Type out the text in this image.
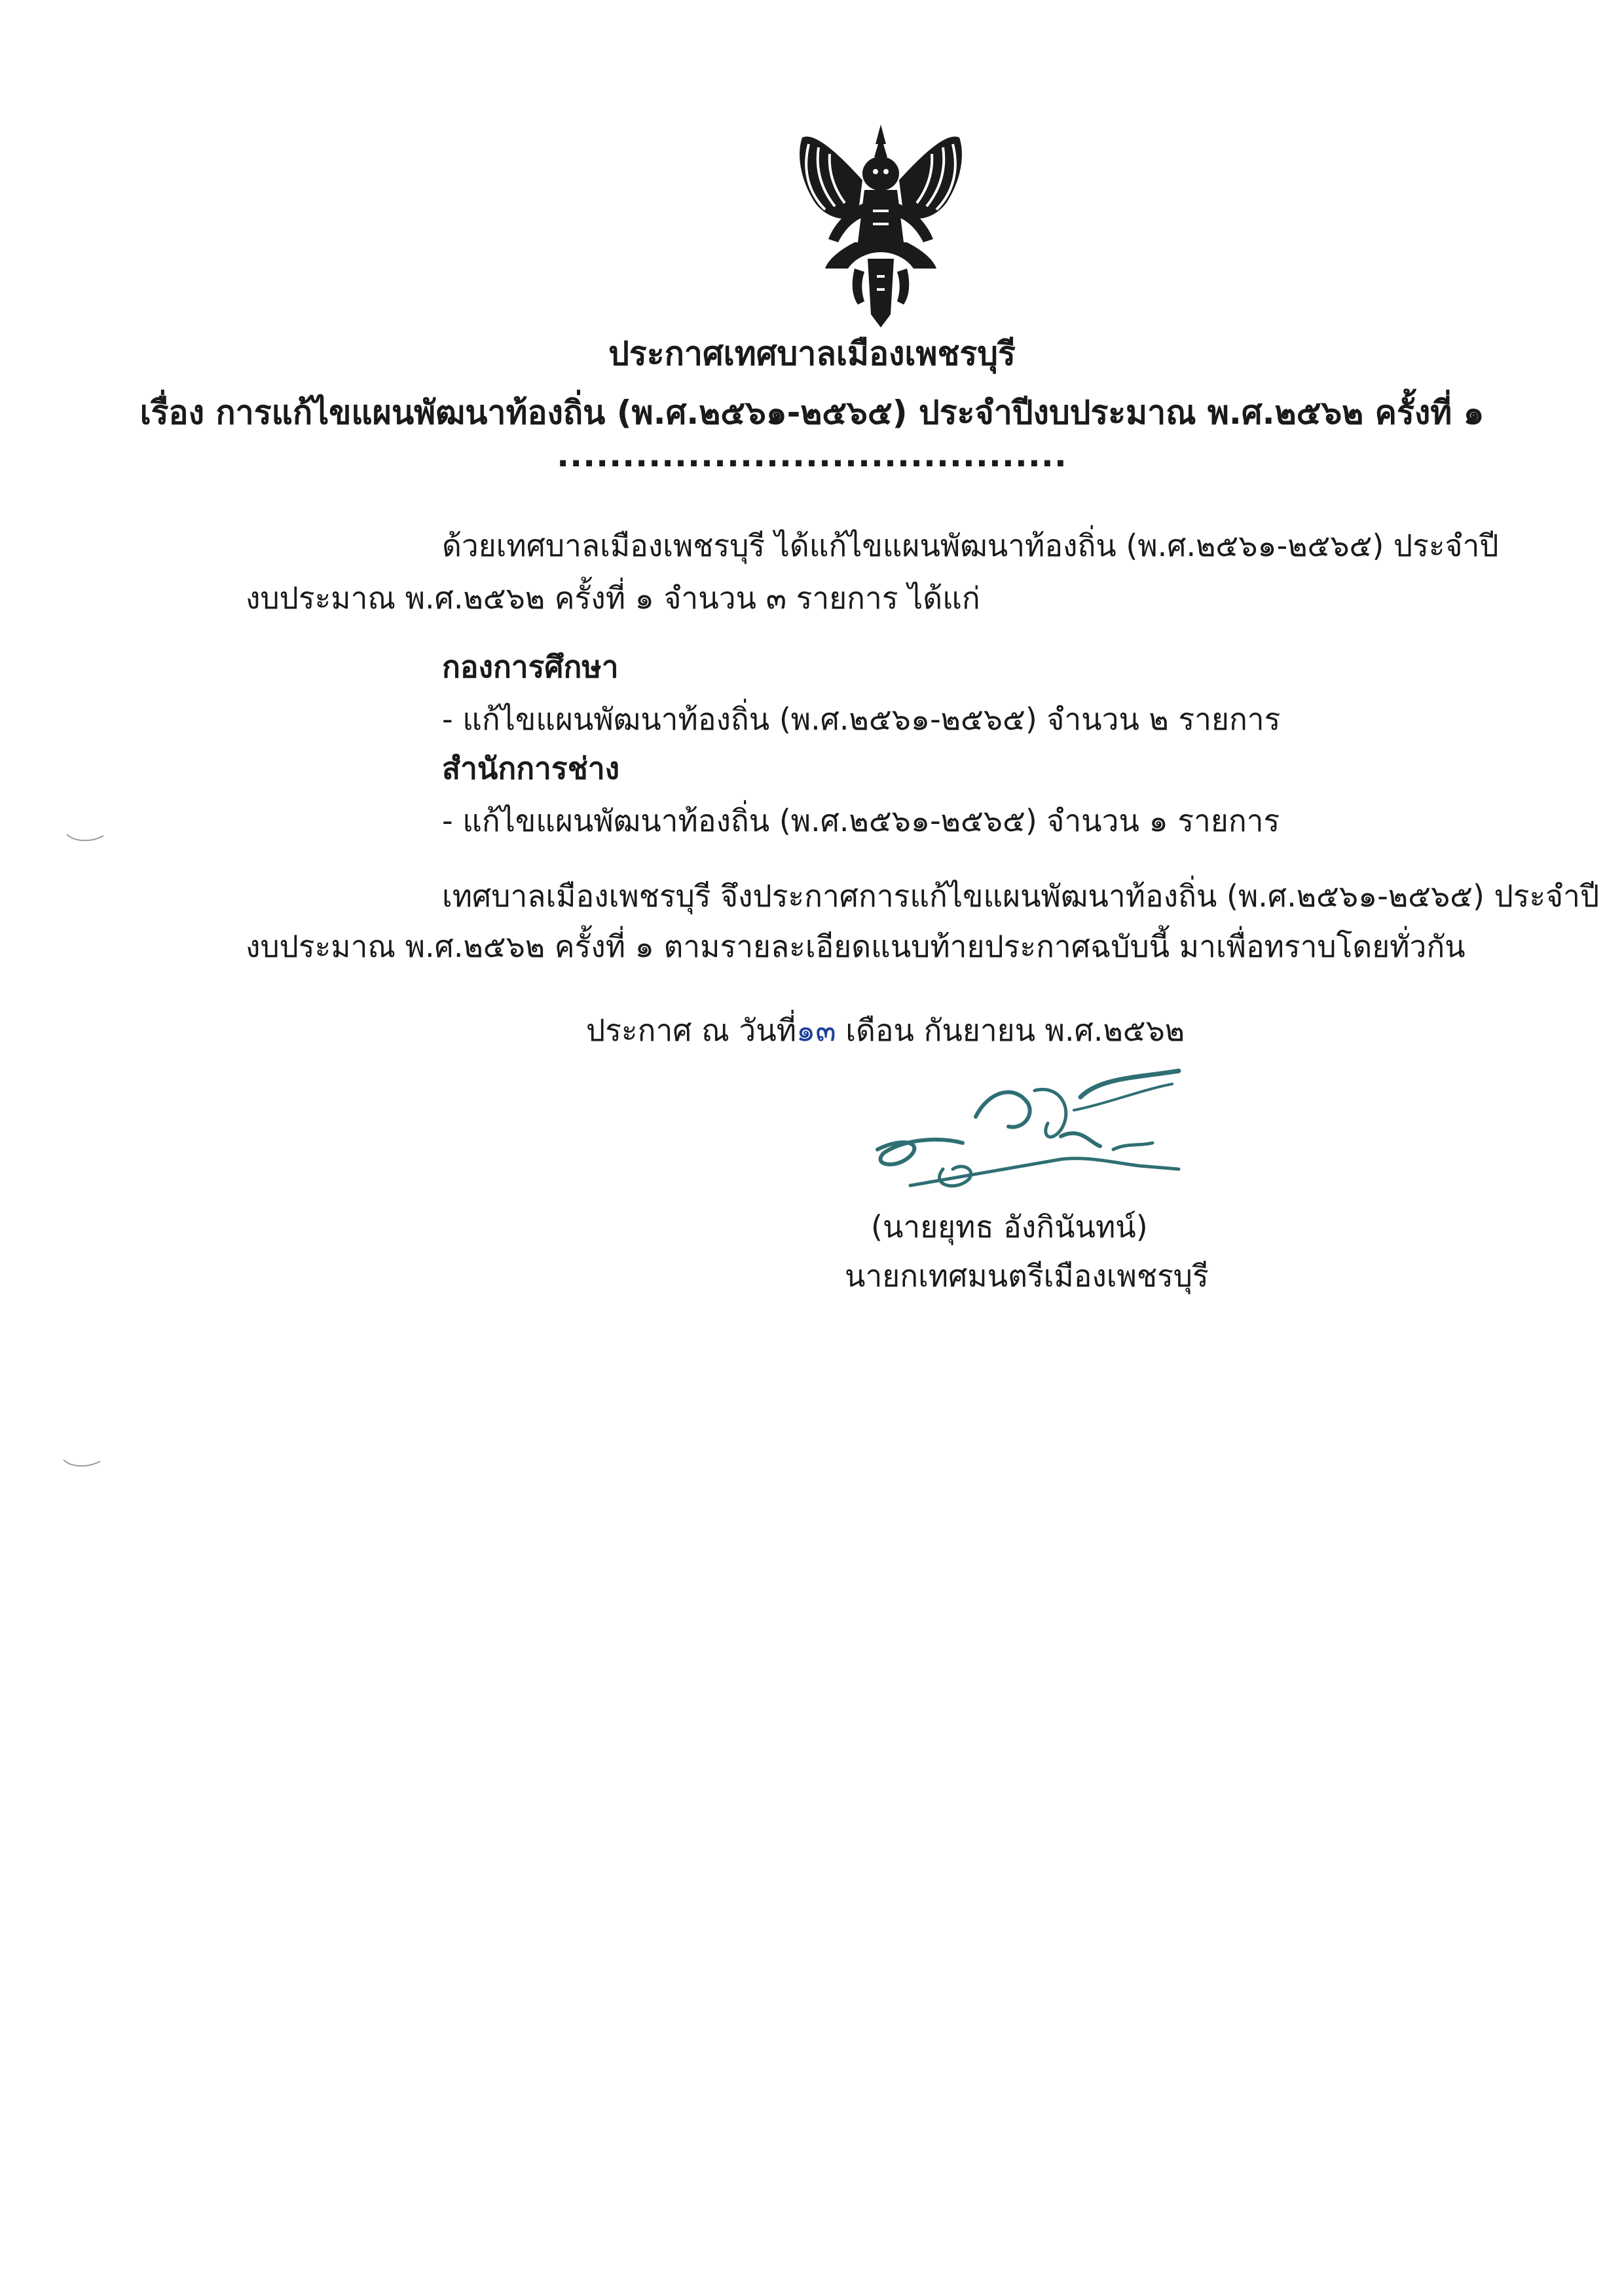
ประกาศเทศบาลเมืองเพชรบุรี
เรื่อง การแก้ไขแผนพัฒนาท้องถิ่น (พ.ศ.๒๕๖๑-๒๕๖๕) ประจำปีงบประมาณ พ.ศ.๒๕๖๒ ครั้งที่ ๑
.......................................
ด้วยเทศบาลเมืองเพชรบุรี ได้แก้ไขแผนพัฒนาท้องถิ่น (พ.ศ.๒๕๖๑-๒๕๖๕) ประจำปี
งบประมาณ พ.ศ.๒๕๖๒ ครั้งที่ ๑ จำนวน ๓ รายการ ได้แก่
กองการศึกษา
- แก้ไขแผนพัฒนาท้องถิ่น (พ.ศ.๒๕๖๑-๒๕๖๕) จำนวน ๒ รายการ
สำนักการช่าง
- แก้ไขแผนพัฒนาท้องถิ่น (พ.ศ.๒๕๖๑-๒๕๖๕) จำนวน ๑ รายการ
เทศบาลเมืองเพชรบุรี จึงประกาศการแก้ไขแผนพัฒนาท้องถิ่น (พ.ศ.๒๕๖๑-๒๕๖๕) ประจำปี
งบประมาณ พ.ศ.๒๕๖๒ ครั้งที่ ๑ ตามรายละเอียดแนบท้ายประกาศฉบับนี้ มาเพื่อทราบโดยทั่วกัน
ประกาศ ณ วันที่๑๓ เดือน กันยายน พ.ศ.๒๕๖๒
(นายยุทธ อังกินันทน์)
นายกเทศมนตรีเมืองเพชรบุรี
